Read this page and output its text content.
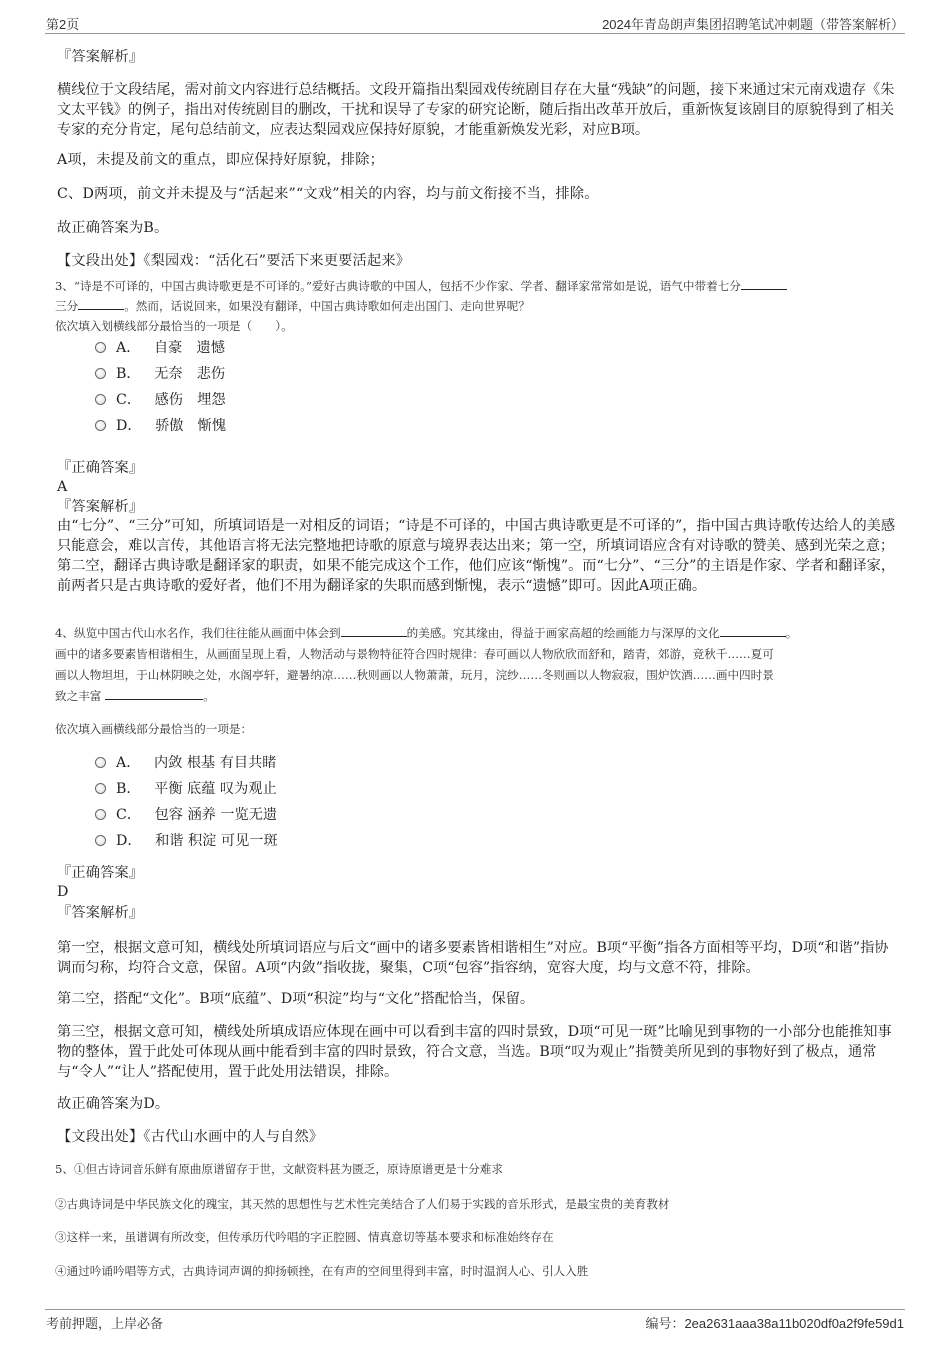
第2页	2024年青岛朗声集团招聘笔试冲刺题（带答案解析）
『答案解析』
横线位于文段结尾，需对前文内容进行总结概括。文段开篇指出梨园戏传统剧目存在大量“残缺”的问题，接下来通过宋元南戏遗存《朱文太平钱》的例子，指出对传统剧目的删改，干扰和误导了专家的研究论断，随后指出改革开放后，重新恢复该剧目的原貌得到了相关专家的充分肯定，尾句总结前文，应表达梨园戏应保持好原貌，才能重新焕发光彩，对应B项。
A项，未提及前文的重点，即应保持好原貌，排除；
C、D两项，前文并未提及与“活起来”“文戏”相关的内容，均与前文衔接不当，排除。
故正确答案为B。
【文段出处】《梨园戏：“活化石”要活下来更要活起来》
3、“诗是不可译的，中国古典诗歌更是不可译的。”爱好古典诗歌的中国人，包括不少作家、学者、翻译家常常如是说，语气中带着七分
三分	。然而，话说回来，如果没有翻译，中国古典诗歌如何走出国门、走向世界呢？
依次填入划横线部分最恰当的一项是（　　）。
A． 自豪　遗憾
B． 无奈　悲伤
C． 感伤　埋怨
D． 骄傲　惭愧
『正确答案』
A
『答案解析』
由“七分”、“三分”可知，所填词语是一对相反的词语；“诗是不可译的，中国古典诗歌更是不可译的”，指中国古典诗歌传达给人的美感只能意会，难以言传，其他语言将无法完整地把诗歌的原意与境界表达出来；第一空，所填词语应含有对诗歌的赞美、感到光荣之意；第二空，翻译古典诗歌是翻译家的职责，如果不能完成这个工作，他们应该“惭愧”。而“七分”、“三分”的主语是作家、学者和翻译家，前两者只是古典诗歌的爱好者，他们不用为翻译家的失职而感到惭愧，表示“遗憾”即可。因此A项正确。
4、纵览中国古代山水名作，我们往往能从画面中体会到	的美感。究其缘由，得益于画家高超的绘画能力与深厚的文化	。
画中的诸多要素皆相谐相生，从画面呈现上看，人物活动与景物特征符合四时规律：春可画以人物欣欣而舒和，踏青，郊游，竞秋千……夏可
画以人物坦坦，于山林阴映之处，水阁亭轩，避暑纳凉……秋则画以人物萧萧，玩月，浣纱……冬则画以人物寂寂，围炉饮酒……画中四时景
致之丰富	。
依次填入画横线部分最恰当的一项是：
A． 内敛 根基 有目共睹
B． 平衡 底蕴 叹为观止
C． 包容 涵养 一览无遗
D． 和谐 积淀 可见一斑
『正确答案』
D
『答案解析』
第一空，根据文意可知，横线处所填词语应与后文“画中的诸多要素皆相谐相生”对应。B项“平衡”指各方面相等平均，D项“和谐”指协调而匀称，均符合文意，保留。A项“内敛”指收拢，聚集，C项“包容”指容纳，宽容大度，均与文意不符，排除。
第二空，搭配“文化”。B项“底蕴”、D项“积淀”均与“文化”搭配恰当，保留。
第三空，根据文意可知，横线处所填成语应体现在画中可以看到丰富的四时景致，D项“可见一斑”比喻见到事物的一小部分也能推知事物的整体，置于此处可体现从画中能看到丰富的四时景致，符合文意，当选。B项“叹为观止”指赞美所见到的事物好到了极点，通常与“令人”“让人”搭配使用，置于此处用法错误，排除。
故正确答案为D。
【文段出处】《古代山水画中的人与自然》
5、①但古诗词音乐鲜有原曲原谱留存于世，文献资料甚为匮乏，原诗原谱更是十分难求
②古典诗词是中华民族文化的瑰宝，其天然的思想性与艺术性完美结合了人们易于实践的音乐形式，是最宝贵的美育教材
③这样一来，虽谱调有所改变，但传承历代吟唱的字正腔圆、情真意切等基本要求和标准始终存在
④通过吟诵吟唱等方式，古典诗词声调的抑扬顿挫，在有声的空间里得到丰富，时时温润人心、引人入胜
考前押题，上岸必备	编号：2ea2631aaa38a11b020df0a2f9fe59d1
